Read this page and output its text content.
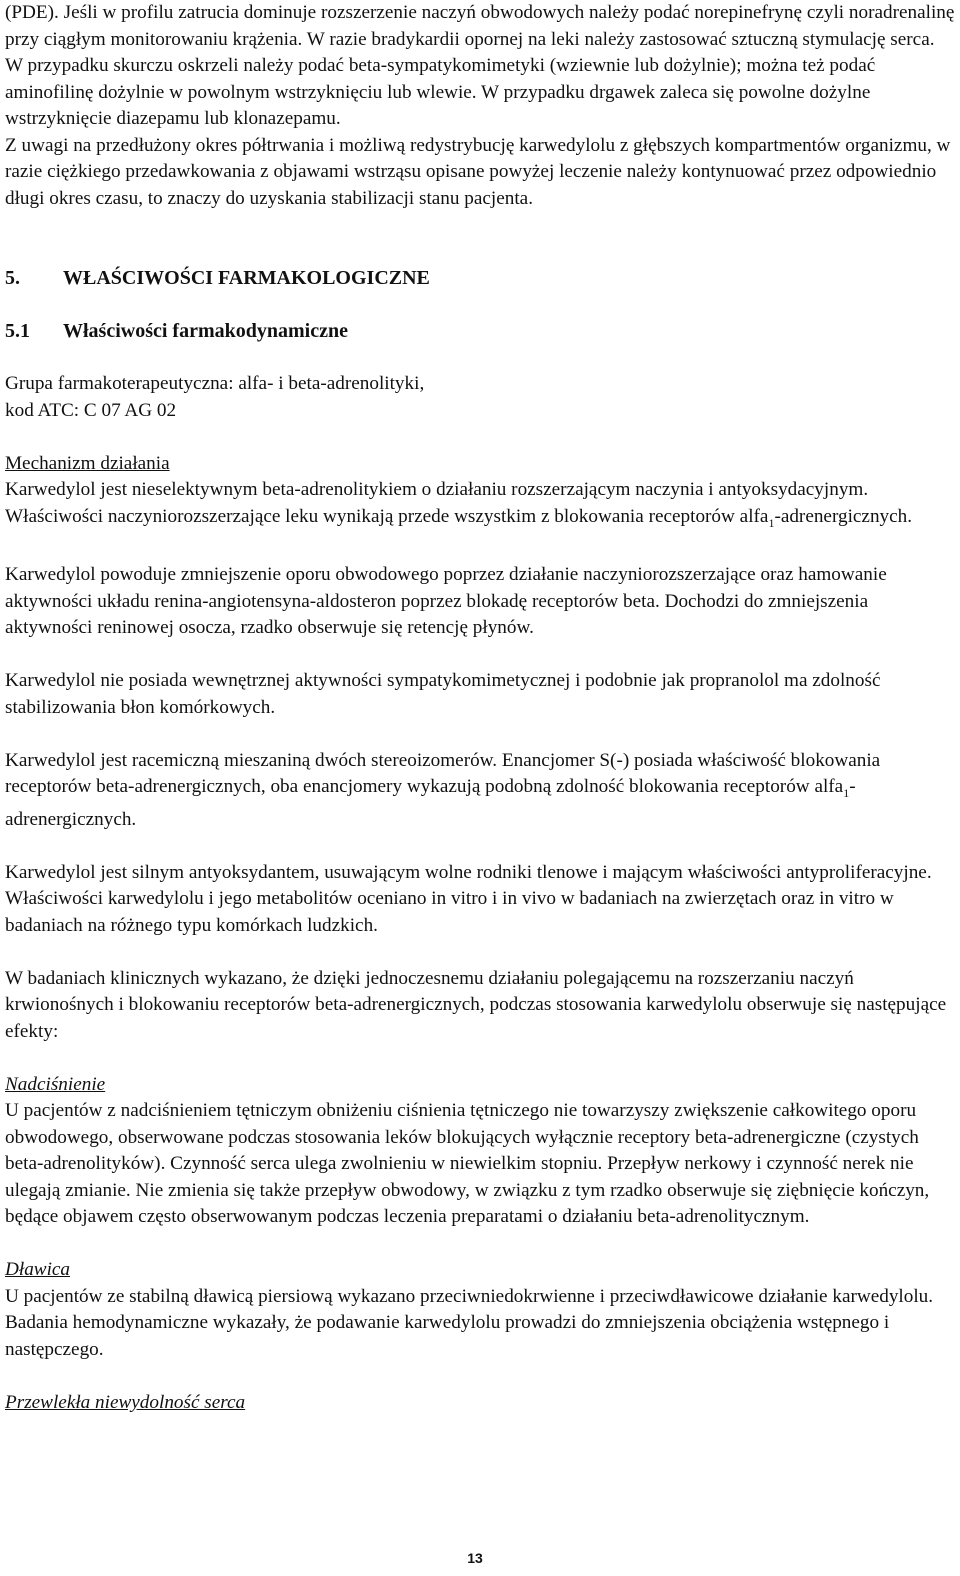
(PDE). Jeśli w profilu zatrucia dominuje rozszerzenie naczyń obwodowych należy podać norepinefrynę czyli noradrenalinę przy ciągłym monitorowaniu krążenia. W razie bradykardii opornej na leki należy zastosować sztuczną stymulację serca.

W przypadku skurczu oskrzeli należy podać beta-sympatykomimetyki (wziewnie lub dożylnie); można też podać aminofilinę dożylnie w powolnym wstrzyknięciu lub wlewie. W przypadku drgawek zaleca się powolne dożylne wstrzyknięcie diazepamu lub klonazepamu.

Z uwagi na przedłużony okres półtrwania i możliwą redystrybucję karwedylolu z głębszych kompartmentów organizmu, w razie ciężkiego przedawkowania z objawami wstrząsu opisane powyżej leczenie należy kontynuować przez odpowiednio długi okres czasu, to znaczy do uzyskania stabilizacji stanu pacjenta.

5. WŁAŚCIWOŚCI FARMAKOLOGICZNE
5.1 Właściwości farmakodynamiczne

Grupa farmakoterapeutyczna: alfa- i beta-adrenolityki,

kod ATC: C 07 AG 02

Mechanizm działania

Karwedylol jest nieselektywnym beta-adrenolitykiem o działaniu rozszerzającym naczynia i antyoksydacyjnym. Właściwości naczyniorozszerzające leku wynikają przede wszystkim z blokowania receptorów alfa$_1$-adrenergicznych.

Karwedylol powoduje zmniejszenie oporu obwodowego poprzez działanie naczyniorozszerzające oraz hamowanie aktywności układu renina-angiotensyna-aldosteron poprzez blokadę receptorów beta. Dochodzi do zmniejszenia aktywności reninowej osocza, rzadko obserwuje się retencję płynów.

Karwedylol nie posiada wewnętrznej aktywności sympatykomimetycznej i podobnie jak propranolol ma zdolność stabilizowania błon komórkowych.

Karwedylol jest racemiczną mieszaniną dwóch stereoizomerów. Enancjomer S(-) posiada właściwość blokowania receptorów beta-adrenergicznych, oba enancjomery wykazują podobną zdolność blokowania receptorów alfa$_1$-adrenergicznych.

Karwedylol jest silnym antyoksydantem, usuwającym wolne rodniki tlenowe i mającym właściwości antyproliferacyjne. Właściwości karwedylolu i jego metabolitów oceniano in vitro i in vivo w badaniach na zwierzętach oraz in vitro w badaniach na różnego typu komórkach ludzkich.

W badaniach klinicznych wykazano, że dzięki jednoczesnemu działaniu polegającemu na rozszerzaniu naczyń krwionośnych i blokowaniu receptorów beta-adrenergicznych, podczas stosowania karwedylolu obserwuje się następujące efekty:

Nadciśnienie

U pacjentów z nadciśnieniem tętniczym obniżeniu ciśnienia tętniczego nie towarzyszy zwiększenie całkowitego oporu obwodowego, obserwowane podczas stosowania leków blokujących wyłącznie receptory beta-adrenergiczne (czystych beta-adrenolityków). Czynność serca ulega zwolnieniu w niewielkim stopniu. Przepływ nerkowy i czynność nerek nie ulegają zmianie. Nie zmienia się także przepływ obwodowy, w związku z tym rzadko obserwuje się ziębnięcie kończyn, będące objawem często obserwowanym podczas leczenia preparatami o działaniu beta-adrenolitycznym.

Dławica

U pacjentów ze stabilną dławicą piersiową wykazano przeciwniedokrwienne i przeciwdławicowe działanie karwedylolu. Badania hemodynamiczne wykazały, że podawanie karwedylolu prowadzi do zmniejszenia obciążenia wstępnego i następczego.

Przewlekła niewydolność serca

13
